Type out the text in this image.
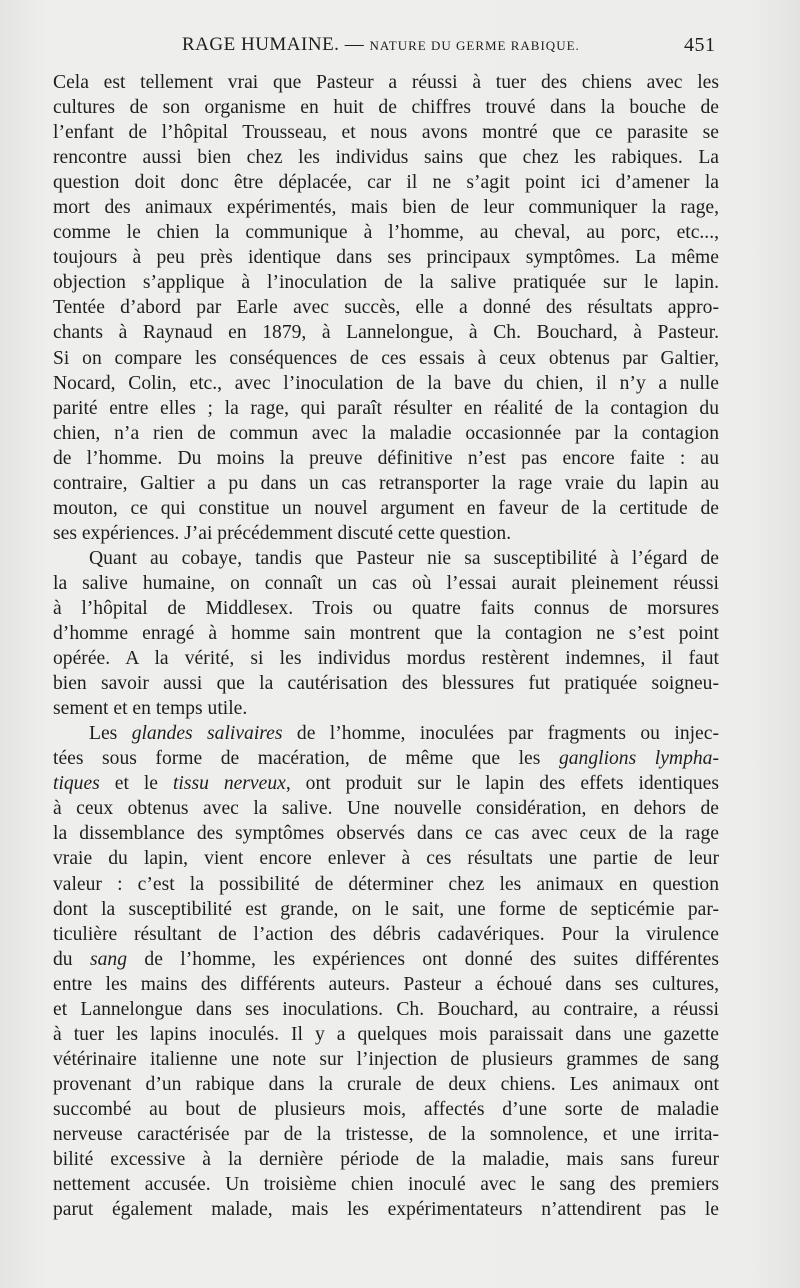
RAGE HUMAINE. — NATURE DU GERME RABIQUE.	451
Cela est tellement vrai que Pasteur a réussi à tuer des chiens avec les
cultures de son organisme en huit de chiffres trouvé dans la bouche de
l’enfant de l’hôpital Trousseau, et nous avons montré que ce parasite se
rencontre aussi bien chez les individus sains que chez les rabiques. La
question doit donc être déplacée, car il ne s’agit point ici d’amener la
mort des animaux expérimentés, mais bien de leur communiquer la rage,
comme le chien la communique à l’homme, au cheval, au porc, etc...,
toujours à peu près identique dans ses principaux symptômes. La même
objection s’applique à l’inoculation de la salive pratiquée sur le lapin.
Tentée d’abord par Earle avec succès, elle a donné des résultats appro-
chants à Raynaud en 1879, à Lannelongue, à Ch. Bouchard, à Pasteur.
Si on compare les conséquences de ces essais à ceux obtenus par Galtier,
Nocard, Colin, etc., avec l’inoculation de la bave du chien, il n’y a nulle
parité entre elles ; la rage, qui paraît résulter en réalité de la contagion du
chien, n’a rien de commun avec la maladie occasionnée par la contagion
de l’homme. Du moins la preuve définitive n’est pas encore faite : au
contraire, Galtier a pu dans un cas retransporter la rage vraie du lapin au
mouton, ce qui constitue un nouvel argument en faveur de la certitude de
ses expériences. J’ai précédemment discuté cette question.
Quant au cobaye, tandis que Pasteur nie sa susceptibilité à l’égard de
la salive humaine, on connaît un cas où l’essai aurait pleinement réussi
à l’hôpital de Middlesex. Trois ou quatre faits connus de morsures
d’homme enragé à homme sain montrent que la contagion ne s’est point
opérée. A la vérité, si les individus mordus restèrent indemnes, il faut
bien savoir aussi que la cautérisation des blessures fut pratiquée soigneu-
sement et en temps utile.
Les glandes salivaires de l’homme, inoculées par fragments ou injec-
tées sous forme de macération, de même que les ganglions lympha-
tiques et le tissu nerveux, ont produit sur le lapin des effets identiques
à ceux obtenus avec la salive. Une nouvelle considération, en dehors de
la dissemblance des symptômes observés dans ce cas avec ceux de la rage
vraie du lapin, vient encore enlever à ces résultats une partie de leur
valeur : c’est la possibilité de déterminer chez les animaux en question
dont la susceptibilité est grande, on le sait, une forme de septicémie par-
ticulière résultant de l’action des débris cadavériques. Pour la virulence
du sang de l’homme, les expériences ont donné des suites différentes
entre les mains des différents auteurs. Pasteur a échoué dans ses cultures,
et Lannelongue dans ses inoculations. Ch. Bouchard, au contraire, a réussi
à tuer les lapins inoculés. Il y a quelques mois paraissait dans une gazette
vétérinaire italienne une note sur l’injection de plusieurs grammes de sang
provenant d’un rabique dans la crurale de deux chiens. Les animaux ont
succombé au bout de plusieurs mois, affectés d’une sorte de maladie
nerveuse caractérisée par de la tristesse, de la somnolence, et une irrita-
bilité excessive à la dernière période de la maladie, mais sans fureur
nettement accusée. Un troisième chien inoculé avec le sang des premiers
parut également malade, mais les expérimentateurs n’attendirent pas le
